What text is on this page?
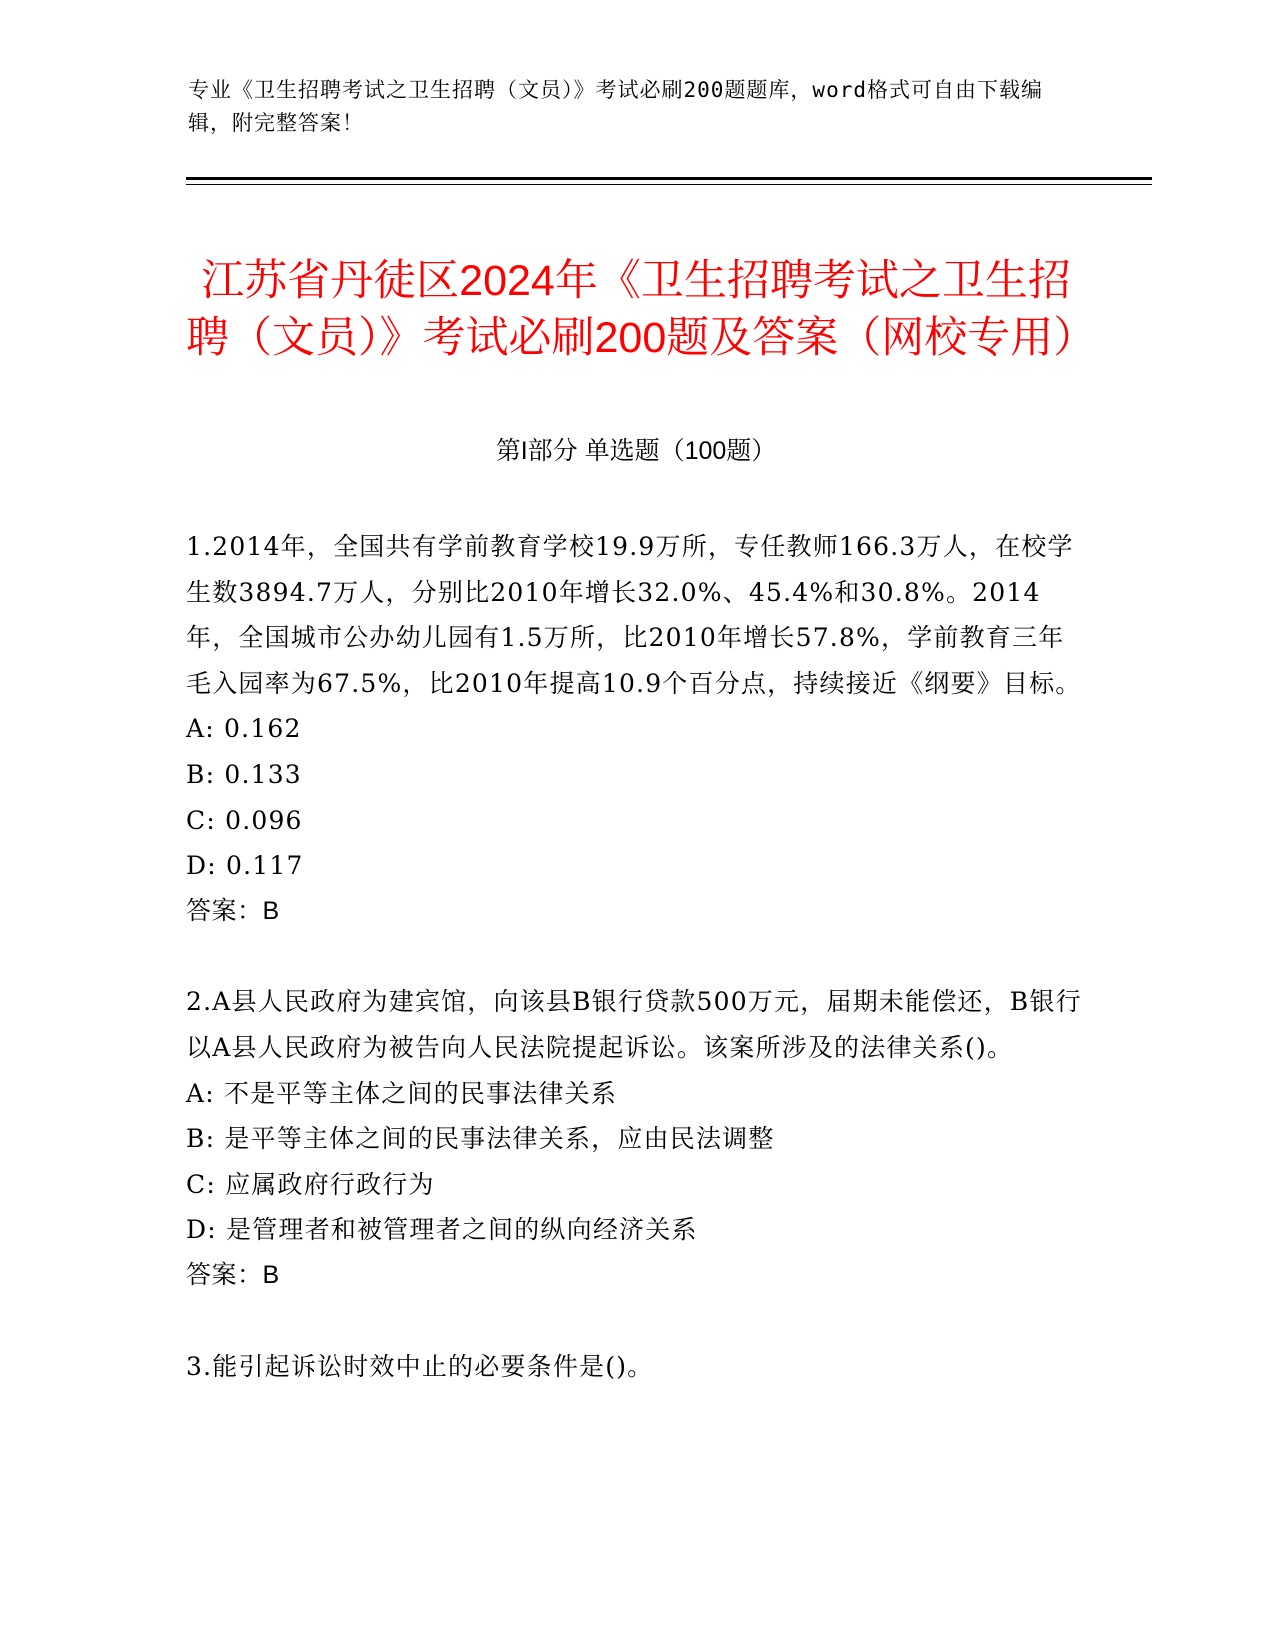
专业《卫生招聘考试之卫生招聘（文员）》考试必刷200题题库，word格式可自由下载编辑，附完整答案！
江苏省丹徒区2024年《卫生招聘考试之卫生招聘（文员）》考试必刷200题及答案（网校专用）
第I部分 单选题（100题）

1.2014年，全国共有学前教育学校19.9万所，专任教师166.3万人，在校学生数3894.7万人，分别比2010年增长32.0%、45.4%和30.8%。2014年，全国城市公办幼儿园有1.5万所，比2010年增长57.8%，学前教育三年毛入园率为67.5%，比2010年提高10.9个百分点，持续接近《纲要》目标。

A: 0.162

B: 0.133

C: 0.096

D: 0.117

答案：B

2.A县人民政府为建宾馆，向该县B银行贷款500万元，届期未能偿还，B银行以A县人民政府为被告向人民法院提起诉讼。该案所涉及的法律关系()。

A: 不是平等主体之间的民事法律关系

B: 是平等主体之间的民事法律关系，应由民法调整

C: 应属政府行政行为

D: 是管理者和被管理者之间的纵向经济关系

答案：B

3.能引起诉讼时效中止的必要条件是()。
